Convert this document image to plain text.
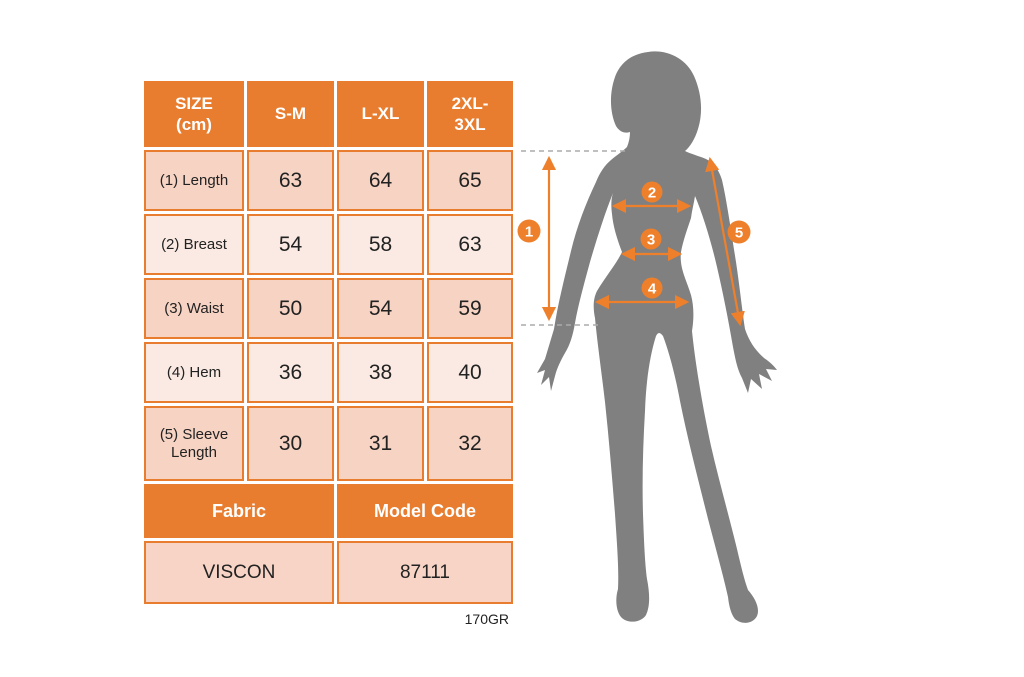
SIZE (cm)	S-M	L-XL	2XL-3XL
(1) Length	63	64	65
(2) Breast	54	58	63
(3) Waist	50	54	59
(4) Hem	36	38	40
(5) Sleeve Length	30	31	32
Fabric		Model Code	
VISCON		87111	
170GR
1
2
3
4
5
